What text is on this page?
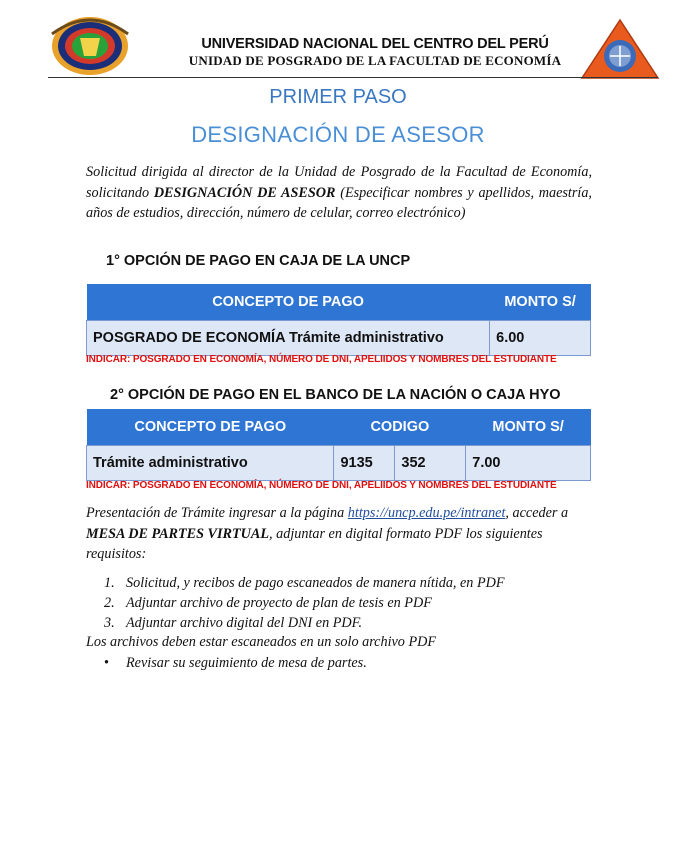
UNIVERSIDAD NACIONAL DEL CENTRO DEL PERÚ
UNIDAD DE POSGRADO DE LA FACULTAD DE ECONOMÍA
PRIMER PASO
DESIGNACIÓN DE ASESOR
Solicitud dirigida al director de la Unidad de Posgrado de la Facultad de Economía, solicitando DESIGNACIÓN DE ASESOR (Especificar nombres y apellidos, maestría, años de estudios, dirección, número de celular, correo electrónico)
1° OPCIÓN DE PAGO EN CAJA DE LA UNCP
CONCEPTO DE PAGO	MONTO S/
POSGRADO DE ECONOMÍA Trámite administrativo	6.00
INDICAR: POSGRADO EN ECONOMÍA, NÚMERO DE DNI, APELIIDOS Y NOMBRES DEL ESTUDIANTE
2° OPCIÓN DE PAGO EN EL BANCO DE LA NACIÓN O CAJA HYO
CONCEPTO DE PAGO	CODIGO		MONTO S/
Trámite administrativo	9135	352	7.00
INDICAR: POSGRADO EN ECONOMÍA, NÚMERO DE DNI, APELIIDOS Y NOMBRES DEL ESTUDIANTE
Presentación de Trámite ingresar a la página https://uncp.edu.pe/intranet, acceder a MESA DE PARTES VIRTUAL, adjuntar en digital formato PDF los siguientes requisitos:
1. Solicitud, y recibos de pago escaneados de manera nítida, en PDF
2. Adjuntar archivo de proyecto de plan de tesis en PDF
3. Adjuntar archivo digital del DNI en PDF.
Los archivos deben estar escaneados en un solo archivo PDF
• Revisar su seguimiento de mesa de partes.
